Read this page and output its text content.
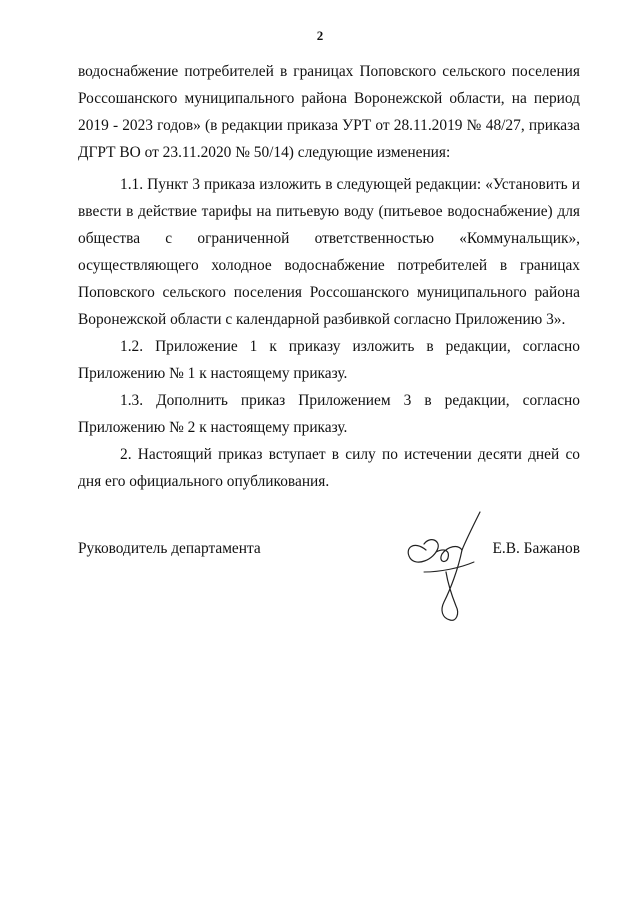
2

водоснабжение потребителей в границах Поповского сельского поселения Россошанского муниципального района Воронежской области, на период 2019 - 2023 годов» (в редакции приказа УРТ от 28.11.2019 № 48/27, приказа ДГРТ ВО от 23.11.2020 № 50/14) следующие изменения:

1.1. Пункт 3 приказа изложить в следующей редакции: «Установить и ввести в действие тарифы на питьевую воду (питьевое водоснабжение) для общества с ограниченной ответственностью «Коммунальщик», осуществляющего холодное водоснабжение потребителей в границах Поповского сельского поселения Россошанского муниципального района Воронежской области с календарной разбивкой согласно Приложению 3».

1.2. Приложение 1 к приказу изложить в редакции, согласно Приложению № 1 к настоящему приказу.

1.3. Дополнить приказ Приложением 3 в редакции, согласно Приложению № 2 к настоящему приказу.

2. Настоящий приказ вступает в силу по истечении десяти дней со дня его официального опубликования.

Руководитель департамента	Е.В. Бажанов
